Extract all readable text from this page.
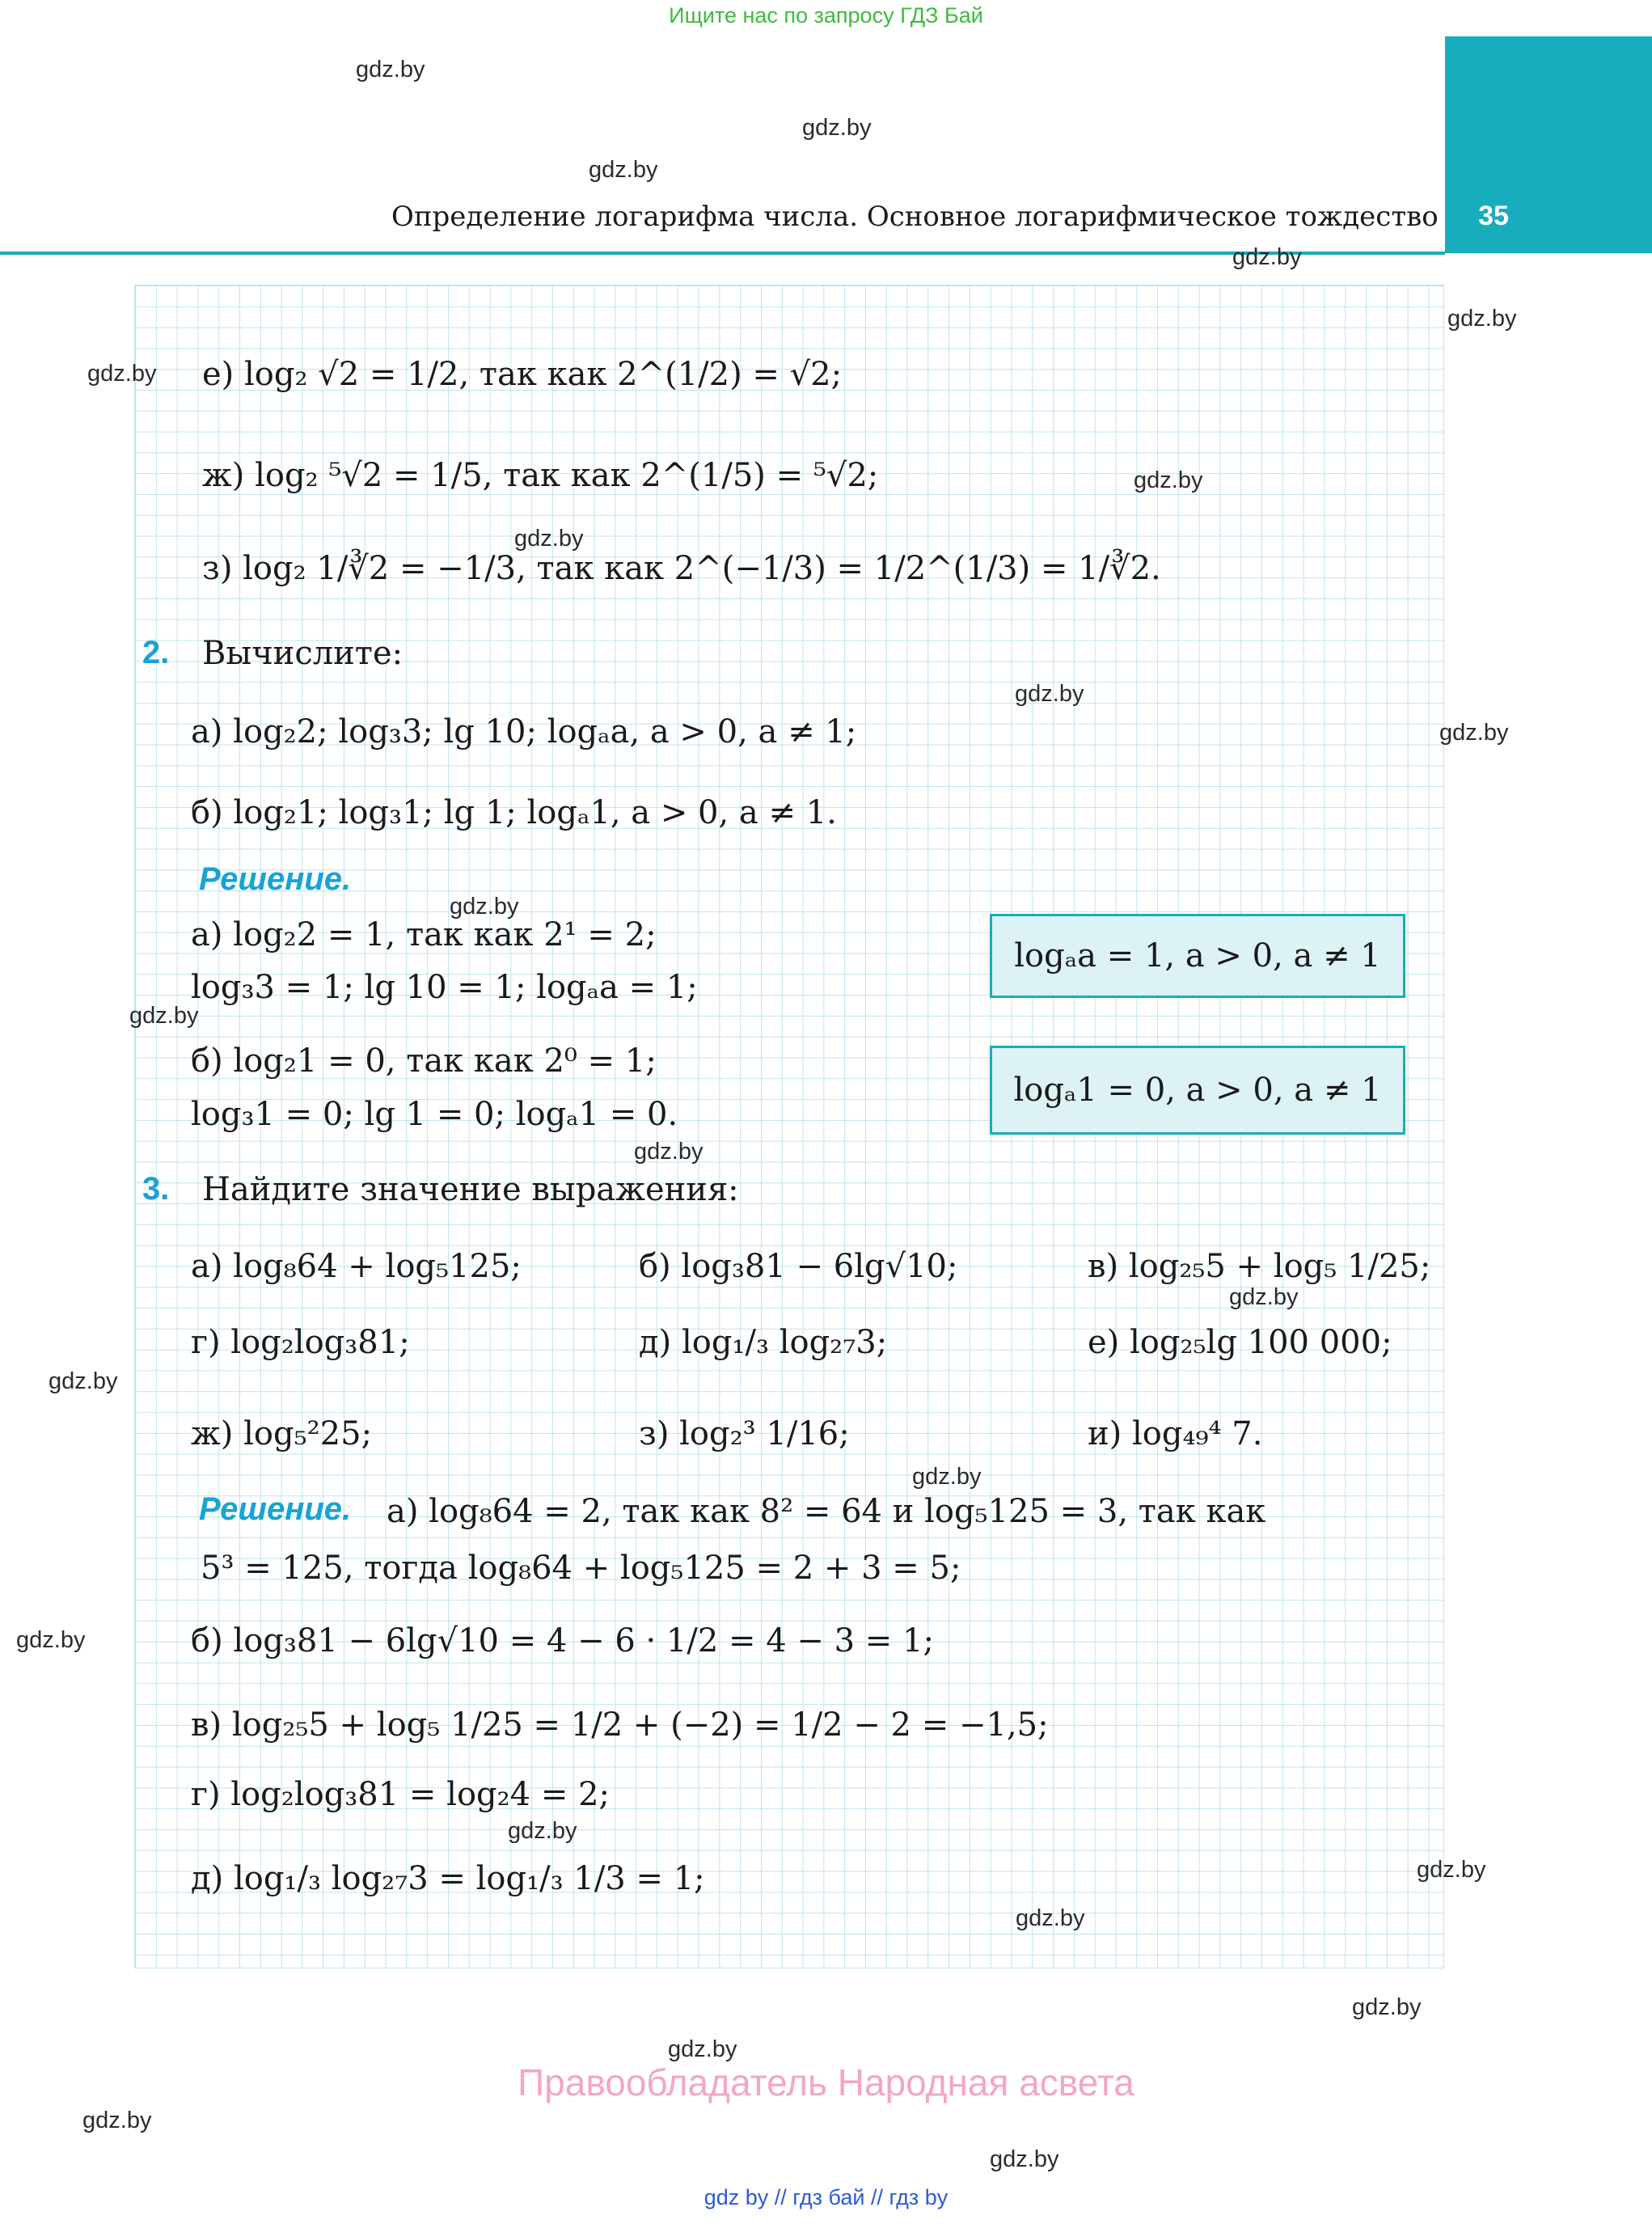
Ищите нас по запросу ГДЗ Бай
35
Определение логарифма числа. Основное логарифмическое тождество
е) log₂ √2 = 1/2, так как 2^(1/2) = √2;
ж) log₂ ⁵√2 = 1/5, так как 2^(1/5) = ⁵√2;
з) log₂ 1/∛2 = −1/3, так как 2^(−1/3) = 1/2^(1/3) = 1/∛2.
2. Вычислите:
а) log₂2; log₃3; lg 10; logₐa, a > 0, a ≠ 1;
б) log₂1; log₃1; lg 1; logₐ1, a > 0, a ≠ 1.
Решение.
а) log₂2 = 1, так как 2¹ = 2;
log₃3 = 1; lg 10 = 1; logₐa = 1;
б) log₂1 = 0, так как 2⁰ = 1;
log₃1 = 0; lg 1 = 0; logₐ1 = 0.
logₐa = 1, a > 0, a ≠ 1
logₐ1 = 0, a > 0, a ≠ 1
3. Найдите значение выражения:
а) log₈64 + log₅125;	б) log₃81 − 6lg√10;	в) log₂₅5 + log₅ 1/25;
г) log₂log₃81;	д) log₁/₃ log₂₇3;	е) log₂₅lg 100 000;
ж) log₅²25;	з) log₂³ 1/16;	и) log₄₉⁴ 7.
Решение. а) log₈64 = 2, так как 8² = 64 и log₅125 = 3, так как
5³ = 125, тогда log₈64 + log₅125 = 2 + 3 = 5;
б) log₃81 − 6lg√10 = 4 − 6 · 1/2 = 4 − 3 = 1;
в) log₂₅5 + log₅ 1/25 = 1/2 + (−2) = 1/2 − 2 = −1,5;
г) log₂log₃81 = log₂4 = 2;
д) log₁/₃ log₂₇3 = log₁/₃ 1/3 = 1;
gdz.by
gdz.by
gdz.by
gdz.by
gdz.by
gdz.by
gdz.by
gdz.by
gdz.by
gdz.by
gdz.by
gdz.by
gdz.by
gdz.by
gdz.by
gdz.by
gdz.by
gdz.by
gdz.by
gdz.by
gdz.by
gdz.by
gdz.by
gdz.by
Правообладатель Народная асвета
gdz by // гдз бай // гдз by
